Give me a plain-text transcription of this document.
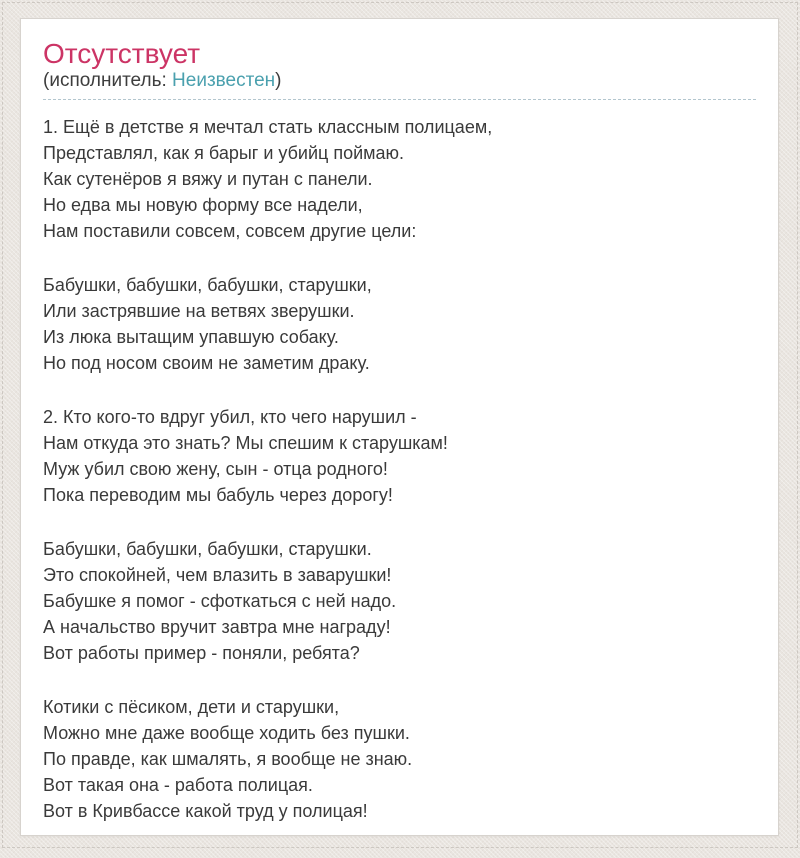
Отсутствует
(исполнитель: Неизвестен)
1. Ещё в детстве я мечтал стать классным полицаем,
Представлял, как я барыг и убийц поймаю.
Как сутенёров я вяжу и путан с панели.
Но едва мы новую форму все надели,
Нам поставили совсем, совсем другие цели:
Бабушки, бабушки, бабушки, старушки,
Или застрявшие на ветвях зверушки.
Из люка вытащим упавшую собаку.
Но под носом своим не заметим драку.
2. Кто кого-то вдруг убил, кто чего нарушил -
Нам откуда это знать? Мы спешим к старушкам!
Муж убил свою жену, сын - отца родного!
Пока переводим мы бабуль через дорогу!
Бабушки, бабушки, бабушки, старушки.
Это спокойней, чем влазить в заварушки!
Бабушке я помог - сфоткаться с ней надо.
А начальство вручит завтра мне награду!
Вот работы пример - поняли, ребята?
Котики с пёсиком, дети и старушки,
Можно мне даже вообще ходить без пушки.
По правде, как шмалять, я вообще не знаю.
Вот такая она - работа полицая.
Вот в Кривбассе какой труд у полицая!
